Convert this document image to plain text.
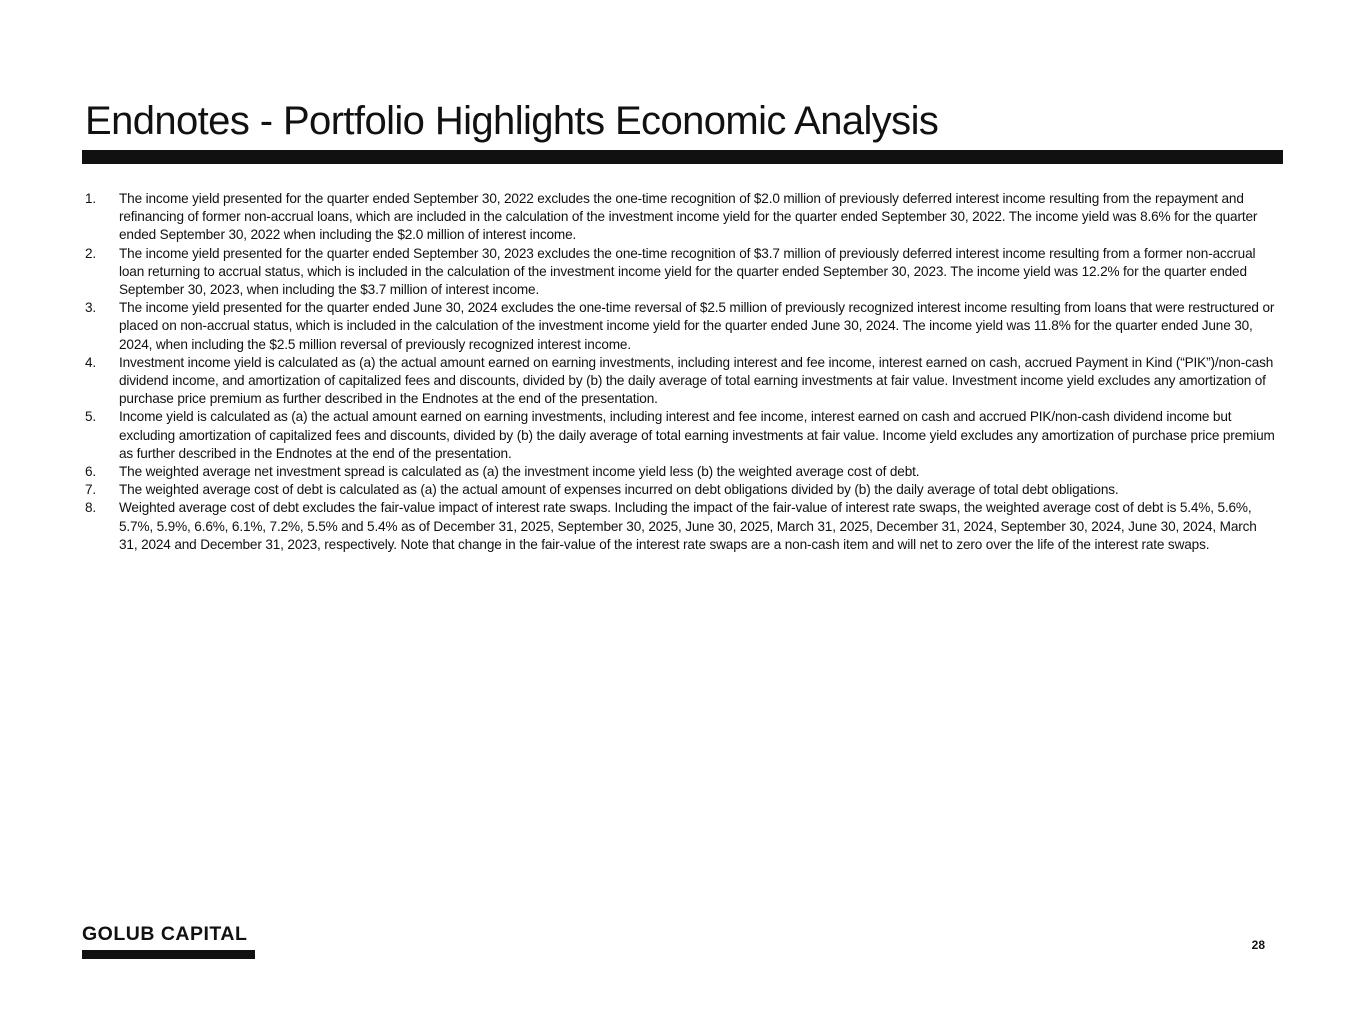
Endnotes - Portfolio Highlights Economic Analysis
1.	The income yield presented for the quarter ended September 30, 2022 excludes the one-time recognition of $2.0 million of previously deferred interest income resulting from the repayment and refinancing of former non-accrual loans, which are included in the calculation of the investment income yield for the quarter ended September 30, 2022. The income yield was 8.6% for the quarter ended September 30, 2022 when including the $2.0 million of interest income.
2.	The income yield presented for the quarter ended September 30, 2023 excludes the one-time recognition of $3.7 million of previously deferred interest income resulting from a former non-accrual loan returning to accrual status, which is included in the calculation of the investment income yield for the quarter ended September 30, 2023. The income yield was 12.2% for the quarter ended September 30, 2023, when including the $3.7 million of interest income.
3.	The income yield presented for the quarter ended June 30, 2024 excludes the one-time reversal of $2.5 million of previously recognized interest income resulting from loans that were restructured or placed on non-accrual status, which is included in the calculation of the investment income yield for the quarter ended June 30, 2024. The income yield was 11.8% for the quarter ended June 30, 2024, when including the $2.5 million reversal of previously recognized interest income.
4.	Investment income yield is calculated as (a) the actual amount earned on earning investments, including interest and fee income, interest earned on cash, accrued Payment in Kind (“PIK”)/non-cash dividend income, and amortization of capitalized fees and discounts, divided by (b) the daily average of total earning investments at fair value. Investment income yield excludes any amortization of purchase price premium as further described in the Endnotes at the end of the presentation.
5.	Income yield is calculated as (a) the actual amount earned on earning investments, including interest and fee income, interest earned on cash and accrued PIK/non-cash dividend income but excluding amortization of capitalized fees and discounts, divided by (b) the daily average of total earning investments at fair value. Income yield excludes any amortization of purchase price premium as further described in the Endnotes at the end of the presentation.
6.	The weighted average net investment spread is calculated as (a) the investment income yield less (b) the weighted average cost of debt.
7.	The weighted average cost of debt is calculated as (a) the actual amount of expenses incurred on debt obligations divided by (b) the daily average of total debt obligations.
8.	Weighted average cost of debt excludes the fair-value impact of interest rate swaps. Including the impact of the fair-value of interest rate swaps, the weighted average cost of debt is 5.4%, 5.6%, 5.7%, 5.9%, 6.6%, 6.1%, 7.2%, 5.5% and 5.4% as of December 31, 2025, September 30, 2025, June 30, 2025, March 31, 2025, December 31, 2024, September 30, 2024, June 30, 2024, March 31, 2024 and December 31, 2023, respectively. Note that change in the fair-value of the interest rate swaps are a non-cash item and will net to zero over the life of the interest rate swaps.
GOLUB CAPITAL	28
